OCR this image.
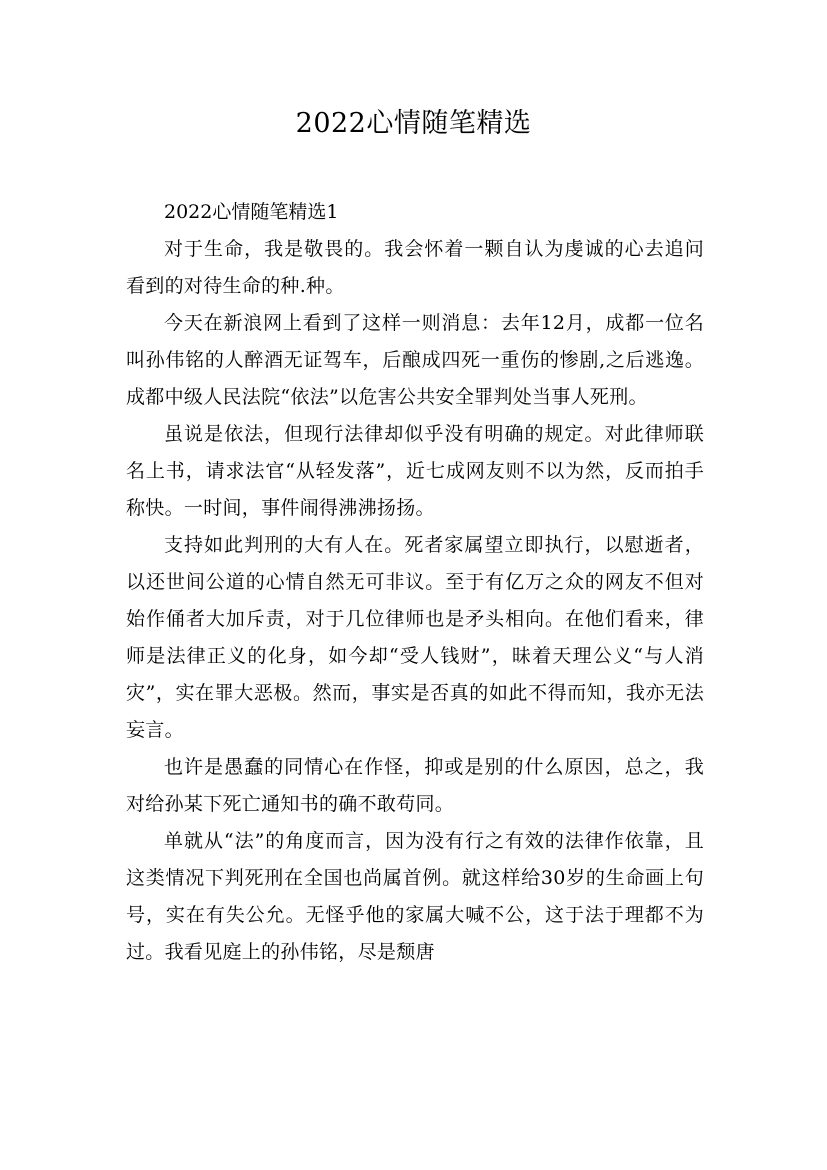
2022心情随笔精选

2022心情随笔精选1

对于生命，我是敬畏的。我会怀着一颗自认为虔诚的心去追问看到的对待生命的种.种。

今天在新浪网上看到了这样一则消息：去年12月，成都一位名叫孙伟铭的人醉酒无证驾车，后酿成四死一重伤的惨剧,之后逃逸。成都中级人民法院“依法”以危害公共安全罪判处当事人死刑。

虽说是依法，但现行法律却似乎没有明确的规定。对此律师联名上书，请求法官“从轻发落”，近七成网友则不以为然，反而拍手称快。一时间，事件闹得沸沸扬扬。

支持如此判刑的大有人在。死者家属望立即执行，以慰逝者，以还世间公道的心情自然无可非议。至于有亿万之众的网友不但对始作俑者大加斥责，对于几位律师也是矛头相向。在他们看来，律师是法律正义的化身，如今却“受人钱财”，昧着天理公义“与人消灾”，实在罪大恶极。然而，事实是否真的如此不得而知，我亦无法妄言。

也许是愚蠢的同情心在作怪，抑或是别的什么原因，总之，我对给孙某下死亡通知书的确不敢苟同。

单就从“法”的角度而言，因为没有行之有效的法律作依靠，且这类情况下判死刑在全国也尚属首例。就这样给30岁的生命画上句号，实在有失公允。无怪乎他的家属大喊不公，这于法于理都不为过。我看见庭上的孙伟铭，尽是颓唐
